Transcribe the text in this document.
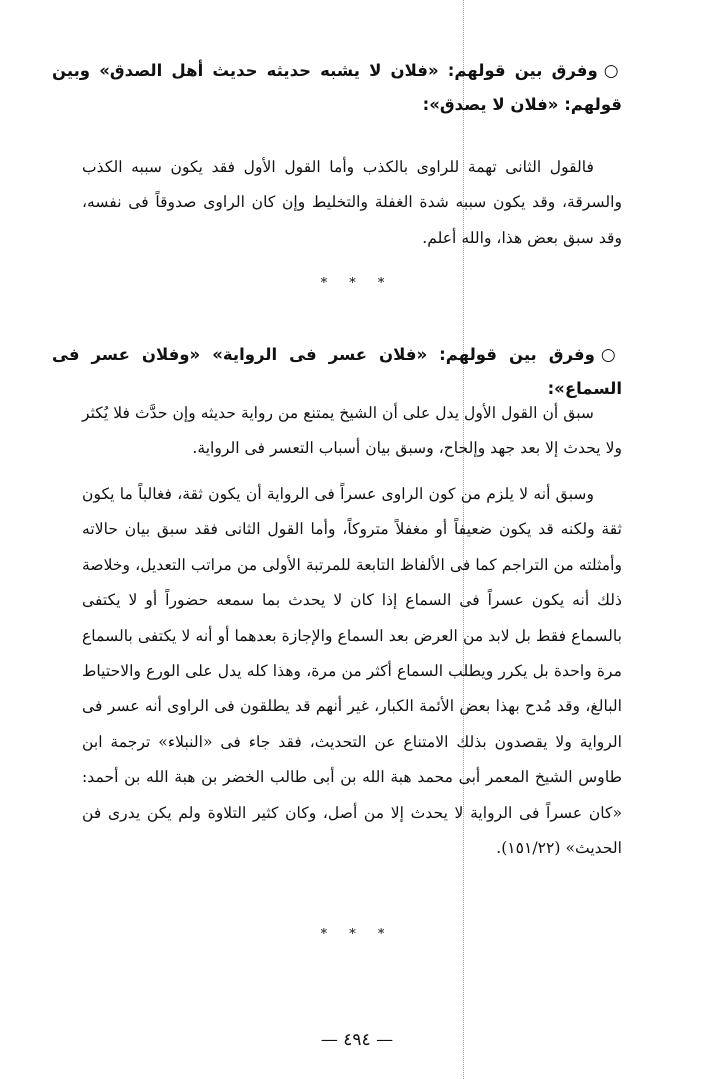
○وفرق بين قولهم: «فلان لا يشبه حديثه حديث أهل الصدق» وبين قولهم: «فلان لا يصدق»:
فالقول الثانى تهمة للراوى بالكذب وأما القول الأول فقد يكون سببه الكذب والسرقة، وقد يكون سببه شدة الغفلة والتخليط وإن كان الراوى صدوقاً فى نفسه، وقد سبق بعض هذا، والله أعلم.
* * *
○وفرق بين قولهم: «فلان عسر فى الرواية» «وفلان عسر فى السماع»:
سبق أن القول الأول يدل على أن الشيخ يمتنع من رواية حديثه وإن حدَّث فلا يُكثر ولا يحدث إلا بعد جهد وإلحاح، وسبق بيان أسباب التعسر فى الرواية.
وسبق أنه لا يلزم من كون الراوى عسراً فى الرواية أن يكون ثقة، فغالباً ما يكون ثقة ولكنه قد يكون ضعيفاً أو مغفلاً متروكاً، وأما القول الثانى فقد سبق بيان حالاته وأمثلته من التراجم كما فى الألفاظ التابعة للمرتبة الأولى من مراتب التعديل، وخلاصة ذلك أنه يكون عسراً فى السماع إذا كان لا يحدث بما سمعه حضوراً أو لا يكتفى بالسماع فقط بل لابد من العرض بعد السماع والإجازة بعدهما أو أنه لا يكتفى بالسماع مرة واحدة بل يكرر ويطلب السماع أكثر من مرة، وهذا كله يدل على الورع والاحتياط البالغ، وقد مُدح بهذا بعض الأئمة الكبار، غير أنهم قد يطلقون فى الراوى أنه عسر فى الرواية ولا يقصدون بذلك الامتناع عن التحديث، فقد جاء فى «النبلاء» ترجمة ابن طاوس الشيخ المعمر أبى محمد هبة الله بن أبى طالب الخضر بن هبة الله بن أحمد: «كان عسراً فى الرواية لا يحدث إلا من أصل، وكان كثير التلاوة ولم يكن يدرى فن الحديث» (١٥١/٢٢).
* * *
— ٤٩٤ —
